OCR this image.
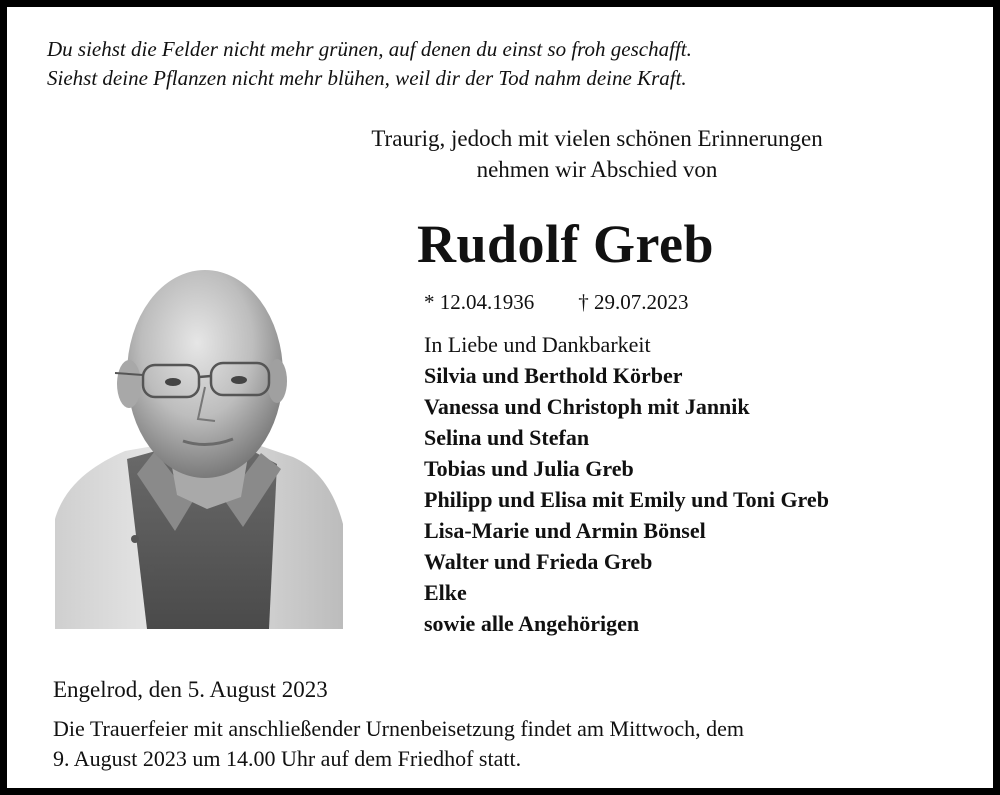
Du siehst die Felder nicht mehr grünen, auf denen du einst so froh geschafft.
Siehst deine Pflanzen nicht mehr blühen, weil dir der Tod nahm deine Kraft.
Traurig, jedoch mit vielen schönen Erinnerungen
nehmen wir Abschied von
Rudolf Greb
* 12.04.1936 † 29.07.2023
In Liebe und Dankbarkeit
Silvia und Berthold Körber
Vanessa und Christoph mit Jannik
Selina und Stefan
Tobias und Julia Greb
Philipp und Elisa mit Emily und Toni Greb
Lisa-Marie und Armin Bönsel
Walter und Frieda Greb
Elke
sowie alle Angehörigen
Engelrod, den 5. August 2023
Die Trauerfeier mit anschließender Urnenbeisetzung findet am Mittwoch, dem
9. August 2023 um 14.00 Uhr auf dem Friedhof statt.
